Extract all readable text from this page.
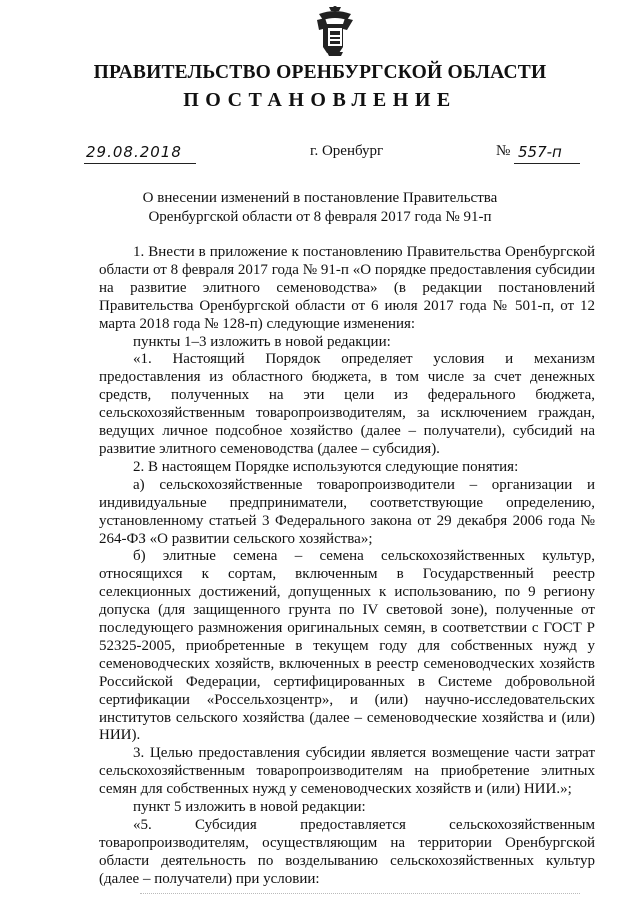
ПРАВИТЕЛЬСТВО ОРЕНБУРГСКОЙ ОБЛАСТИ
ПОСТАНОВЛЕНИЕ
29.08.2018	г. Оренбург	№ 557-п
О внесении изменений в постановление Правительства
Оренбургской области от 8 февраля 2017 года № 91-п

1. Внести в приложение к постановлению Правительства Оренбургской области от 8 февраля 2017 года № 91-п «О порядке предоставления субсидии на развитие элитного семеноводства» (в редакции постановлений Правительства Оренбургской области от 6 июля 2017 года № 501-п, от 12 марта 2018 года № 128-п) следующие изменения:

пункты 1–3 изложить в новой редакции:

«1. Настоящий Порядок определяет условия и механизм предоставления из областного бюджета, в том числе за счет денежных средств, полученных на эти цели из федерального бюджета, сельскохозяйственным товаропроизводителям, за исключением граждан, ведущих личное подсобное хозяйство (далее – получатели), субсидий на развитие элитного семеноводства (далее – субсидия).

2. В настоящем Порядке используются следующие понятия:

а) сельскохозяйственные товаропроизводители – организации и индивидуальные предприниматели, соответствующие определению, установленному статьей 3 Федерального закона от 29 декабря 2006 года № 264-ФЗ «О развитии сельского хозяйства»;

б) элитные семена – семена сельскохозяйственных культур, относящихся к сортам, включенным в Государственный реестр селекционных достижений, допущенных к использованию, по 9 региону допуска (для защищенного грунта по IV световой зоне), полученные от последующего размножения оригинальных семян, в соответствии с ГОСТ Р 52325-2005, приобретенные в текущем году для собственных нужд у семеноводческих хозяйств, включенных в реестр семеноводческих хозяйств Российской Федерации, сертифицированных в Системе добровольной сертификации «Россельхозцентр», и (или) научно-исследовательских институтов сельского хозяйства (далее – семеноводческие хозяйства и (или) НИИ).

3. Целью предоставления субсидии является возмещение части затрат сельскохозяйственным товаропроизводителям на приобретение элитных семян для собственных нужд у семеноводческих хозяйств и (или) НИИ.»;

пункт 5 изложить в новой редакции:

«5. Субсидия предоставляется сельскохозяйственным товаропроизводителям, осуществляющим на территории Оренбургской области деятельность по возделыванию сельскохозяйственных культур (далее – получатели) при условии:
